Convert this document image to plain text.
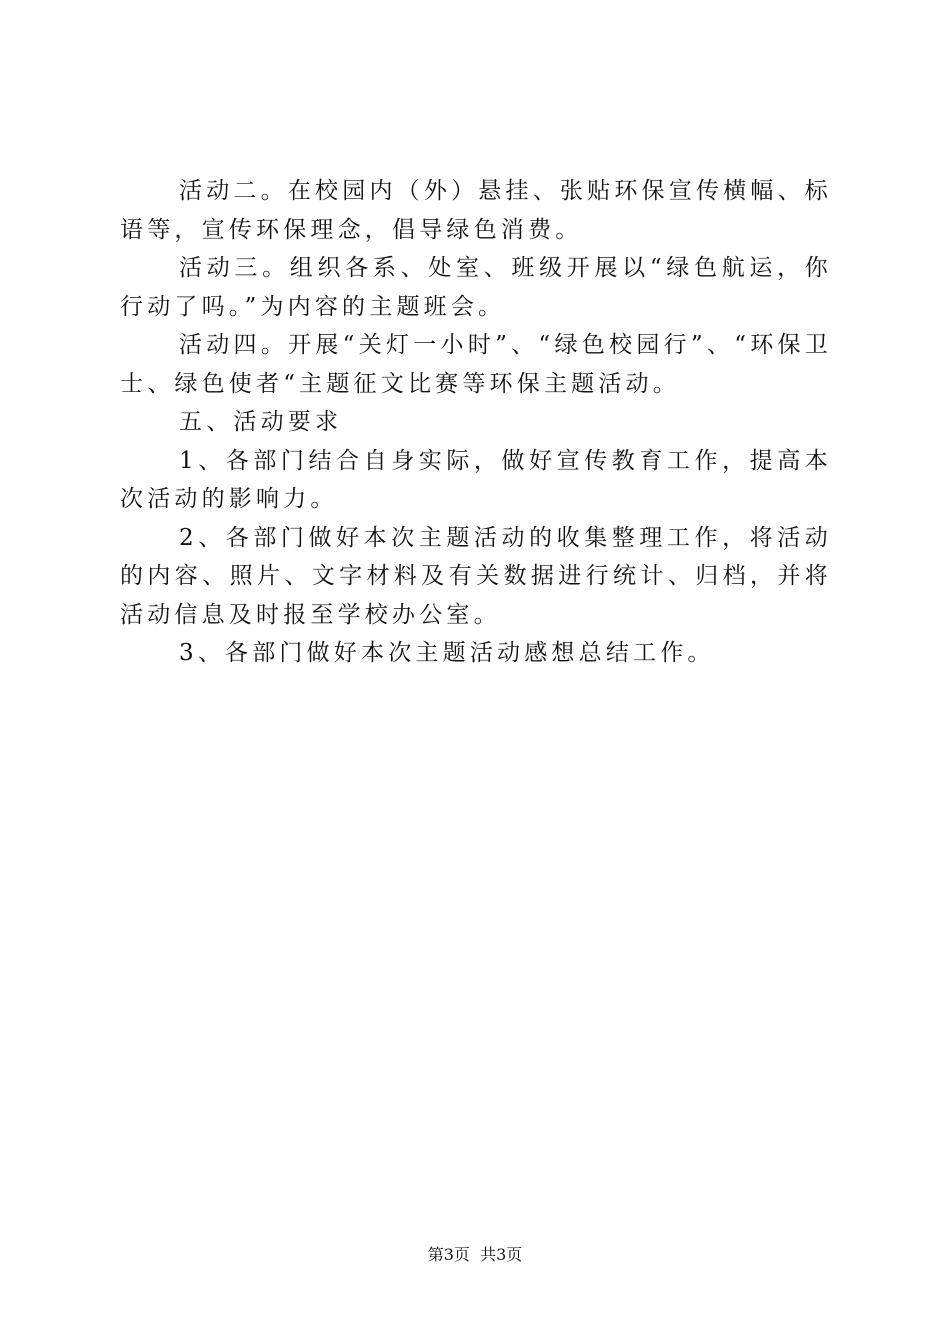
活动二。在校园内（外）悬挂、张贴环保宣传横幅、标语等，宣传环保理念，倡导绿色消费。

活动三。组织各系、处室、班级开展以“绿色航运，你行动了吗。”为内容的主题班会。

活动四。开展“关灯一小时”、“绿色校园行”、“环保卫士、绿色使者“主题征文比赛等环保主题活动。

五、活动要求

1、各部门结合自身实际，做好宣传教育工作，提高本次活动的影响力。

2、各部门做好本次主题活动的收集整理工作，将活动的内容、照片、文字材料及有关数据进行统计、归档，并将活动信息及时报至学校办公室。

3、各部门做好本次主题活动感想总结工作。

第3页  共3页
